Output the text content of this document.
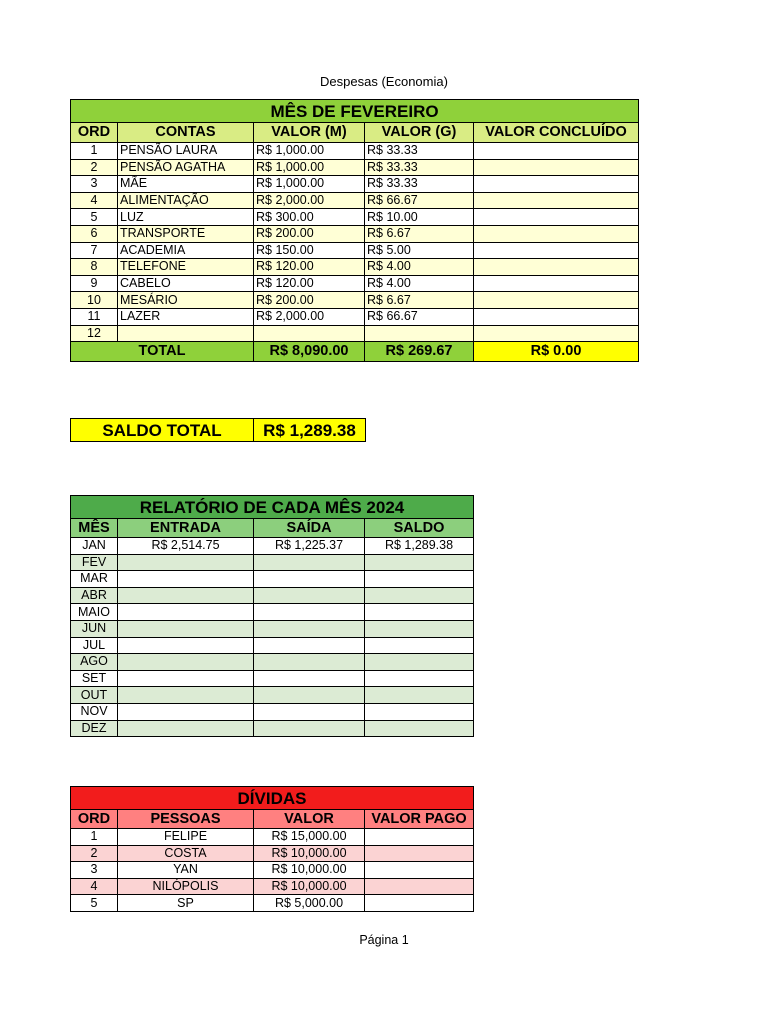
Despesas (Economia)
MÊS DE FEVEREIRO				
ORD	CONTAS	VALOR (M)	VALOR (G)	VALOR CONCLUÍDO
1	PENSÃO LAURA	R$ 1,000.00	R$ 33.33	
2	PENSÃO AGATHA	R$ 1,000.00	R$ 33.33	
3	MÃE	R$ 1,000.00	R$ 33.33	
4	ALIMENTAÇÃO	R$ 2,000.00	R$ 66.67	
5	LUZ	R$ 300.00	R$ 10.00	
6	TRANSPORTE	R$ 200.00	R$ 6.67	
7	ACADEMIA	R$ 150.00	R$ 5.00	
8	TELEFONE	R$ 120.00	R$ 4.00	
9	CABELO	R$ 120.00	R$ 4.00	
10	MESÁRIO	R$ 200.00	R$ 6.67	
11	LAZER	R$ 2,000.00	R$ 66.67	
12				
TOTAL		R$ 8,090.00	R$ 269.67	R$ 0.00
SALDO TOTAL	R$ 1,289.38
RELATÓRIO DE CADA MÊS 2024			
MÊS	ENTRADA	SAÍDA	SALDO
JAN	R$ 2,514.75	R$ 1,225.37	R$ 1,289.38
FEV			
MAR			
ABR			
MAIO			
JUN			
JUL			
AGO			
SET			
OUT			
NOV			
DEZ			
DÍVIDAS			
ORD	PESSOAS	VALOR	VALOR PAGO
1	FELIPE	R$ 15,000.00	
2	COSTA	R$ 10,000.00	
3	YAN	R$ 10,000.00	
4	NILÓPOLIS	R$ 10,000.00	
5	SP	R$ 5,000.00	
Página 1
